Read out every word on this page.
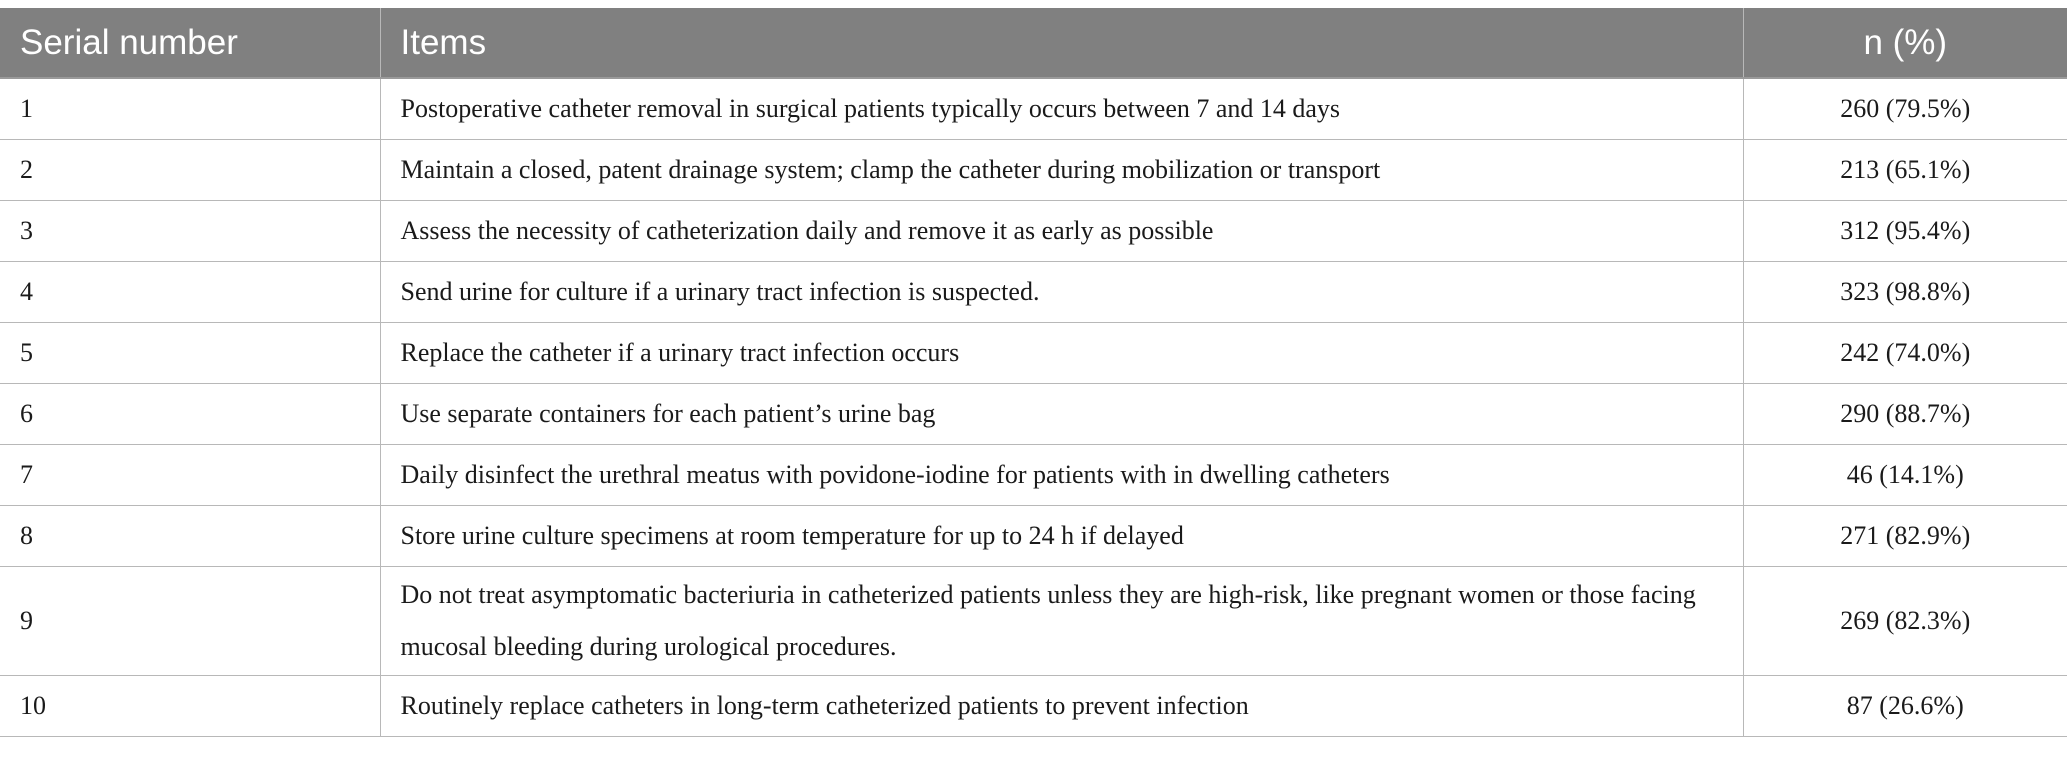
Serial number	Items	n (%)
1	Postoperative catheter removal in surgical patients typically occurs between 7 and 14 days	260 (79.5%)
2	Maintain a closed, patent drainage system; clamp the catheter during mobilization or transport	213 (65.1%)
3	Assess the necessity of catheterization daily and remove it as early as possible	312 (95.4%)
4	Send urine for culture if a urinary tract infection is suspected.	323 (98.8%)
5	Replace the catheter if a urinary tract infection occurs	242 (74.0%)
6	Use separate containers for each patient’s urine bag	290 (88.7%)
7	Daily disinfect the urethral meatus with povidone-iodine for patients with in dwelling catheters	46 (14.1%)
8	Store urine culture specimens at room temperature for up to 24 h if delayed	271 (82.9%)
9	Do not treat asymptomatic bacteriuria in catheterized patients unless they are high-risk, like pregnant women or those facing mucosal bleeding during urological procedures.	269 (82.3%)
10	Routinely replace catheters in long-term catheterized patients to prevent infection	87 (26.6%)
